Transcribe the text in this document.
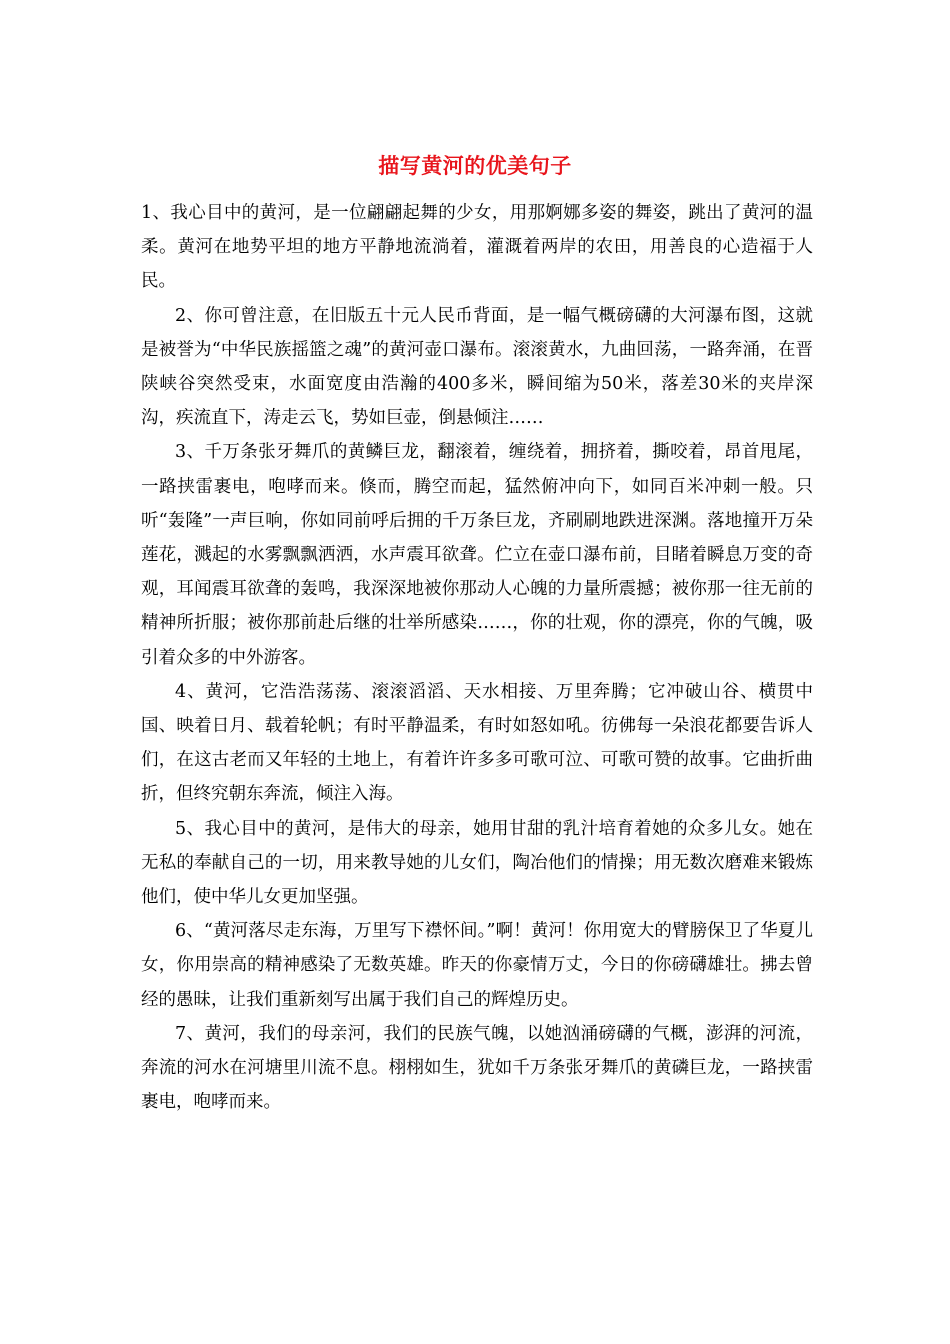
描写黄河的优美句子

1、我心目中的黄河，是一位翩翩起舞的少女，用那婀娜多姿的舞姿，跳出了黄河的温柔。黄河在地势平坦的地方平静地流淌着，灌溉着两岸的农田，用善良的心造福于人民。

2、你可曾注意，在旧版五十元人民币背面，是一幅气概磅礴的大河瀑布图，这就是被誉为“中华民族摇篮之魂”的黄河壶口瀑布。滚滚黄水，九曲回荡，一路奔涌，在晋陕峡谷突然受束，水面宽度由浩瀚的400多米，瞬间缩为50米，落差30米的夹岸深沟，疾流直下，涛走云飞，势如巨壶，倒悬倾注……

3、千万条张牙舞爪的黄鳞巨龙，翻滚着，缠绕着，拥挤着，撕咬着，昂首甩尾，一路挟雷裹电，咆哮而来。倏而，腾空而起，猛然俯冲向下，如同百米冲刺一般。只听“轰隆”一声巨响，你如同前呼后拥的千万条巨龙，齐刷刷地跌进深渊。落地撞开万朵莲花，溅起的水雾飘飘洒洒，水声震耳欲聋。伫立在壶口瀑布前，目睹着瞬息万变的奇观，耳闻震耳欲聋的轰鸣，我深深地被你那动人心魄的力量所震撼；被你那一往无前的精神所折服；被你那前赴后继的壮举所感染……，你的壮观，你的漂亮，你的气魄，吸引着众多的中外游客。

4、黄河，它浩浩荡荡、滚滚滔滔、天水相接、万里奔腾；它冲破山谷、横贯中国、映着日月、载着轮帆；有时平静温柔，有时如怒如吼。彷佛每一朵浪花都要告诉人们，在这古老而又年轻的土地上，有着许许多多可歌可泣、可歌可赞的故事。它曲折曲折，但终究朝东奔流，倾注入海。

5、我心目中的黄河，是伟大的母亲，她用甘甜的乳汁培育着她的众多儿女。她在无私的奉献自己的一切，用来教导她的儿女们，陶冶他们的情操；用无数次磨难来锻炼他们，使中华儿女更加坚强。

6、“黄河落尽走东海，万里写下襟怀间。”啊！黄河！你用宽大的臂膀保卫了华夏儿女，你用崇高的精神感染了无数英雄。昨天的你豪情万丈，今日的你磅礴雄壮。拂去曾经的愚昧，让我们重新刻写出属于我们自己的辉煌历史。

7、黄河，我们的母亲河，我们的民族气魄，以她汹涌磅礴的气概，澎湃的河流，奔流的河水在河塘里川流不息。栩栩如生，犹如千万条张牙舞爪的黄磷巨龙，一路挟雷裹电，咆哮而来。
